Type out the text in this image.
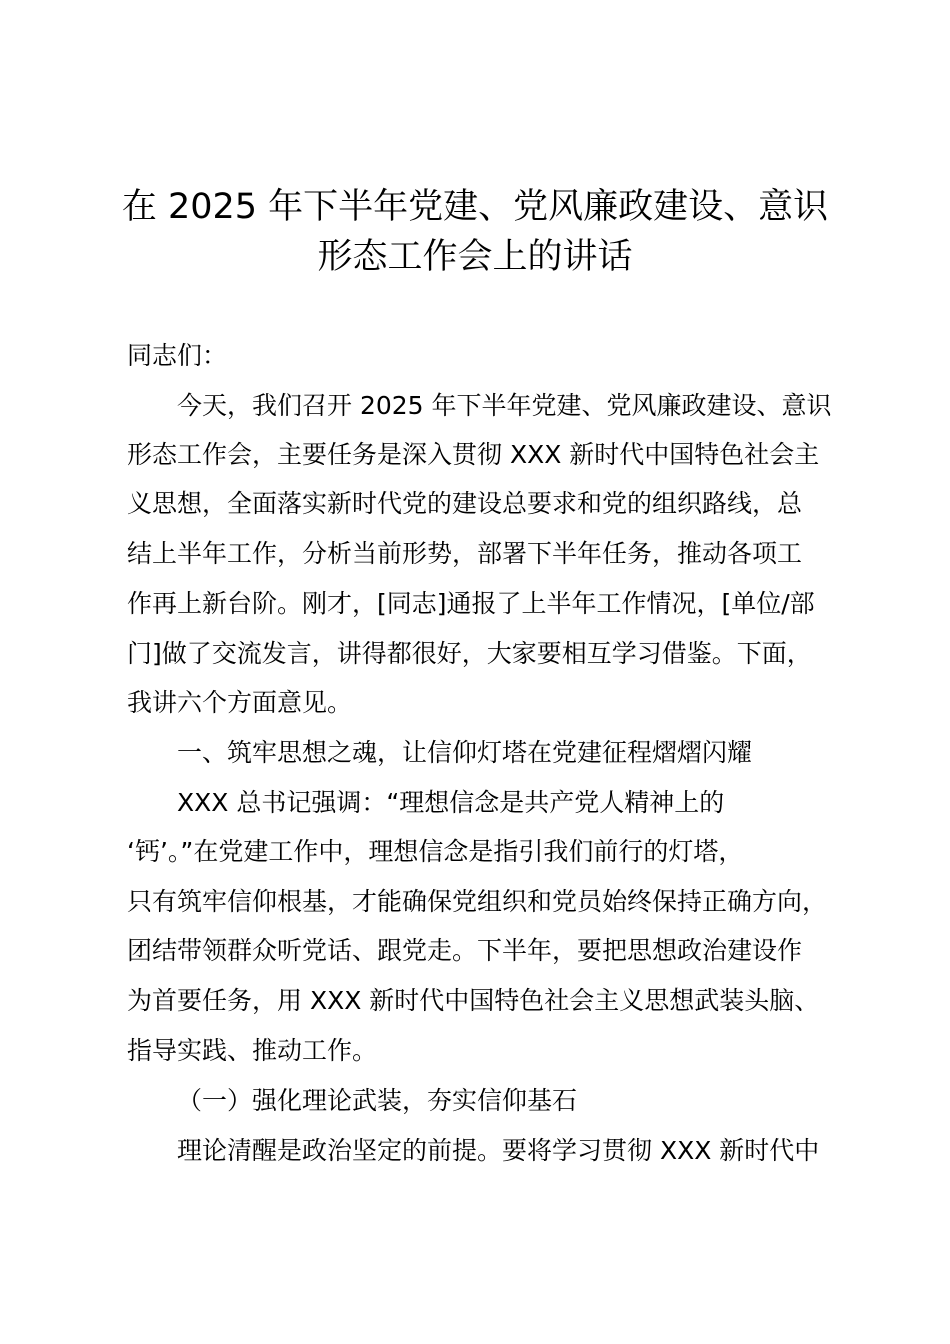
在 2025 年下半年党建、党风廉政建设、意识
形态工作会上的讲话

同志们：

今天，我们召开 2025 年下半年党建、党风廉政建设、意识

形态工作会，主要任务是深入贯彻 XXX 新时代中国特色社会主

义思想，全面落实新时代党的建设总要求和党的组织路线，总

结上半年工作，分析当前形势，部署下半年任务，推动各项工

作再上新台阶。刚才，[同志]通报了上半年工作情况，[单位/部

门]做了交流发言，讲得都很好，大家要相互学习借鉴。下面，

我讲六个方面意见。

一、筑牢思想之魂，让信仰灯塔在党建征程熠熠闪耀

XXX 总书记强调：“理想信念是共产党人精神上的

‘钙’。”在党建工作中，理想信念是指引我们前行的灯塔，

只有筑牢信仰根基，才能确保党组织和党员始终保持正确方向，

团结带领群众听党话、跟党走。下半年，要把思想政治建设作

为首要任务，用 XXX 新时代中国特色社会主义思想武装头脑、

指导实践、推动工作。

（一）强化理论武装，夯实信仰基石

理论清醒是政治坚定的前提。要将学习贯彻 XXX 新时代中
